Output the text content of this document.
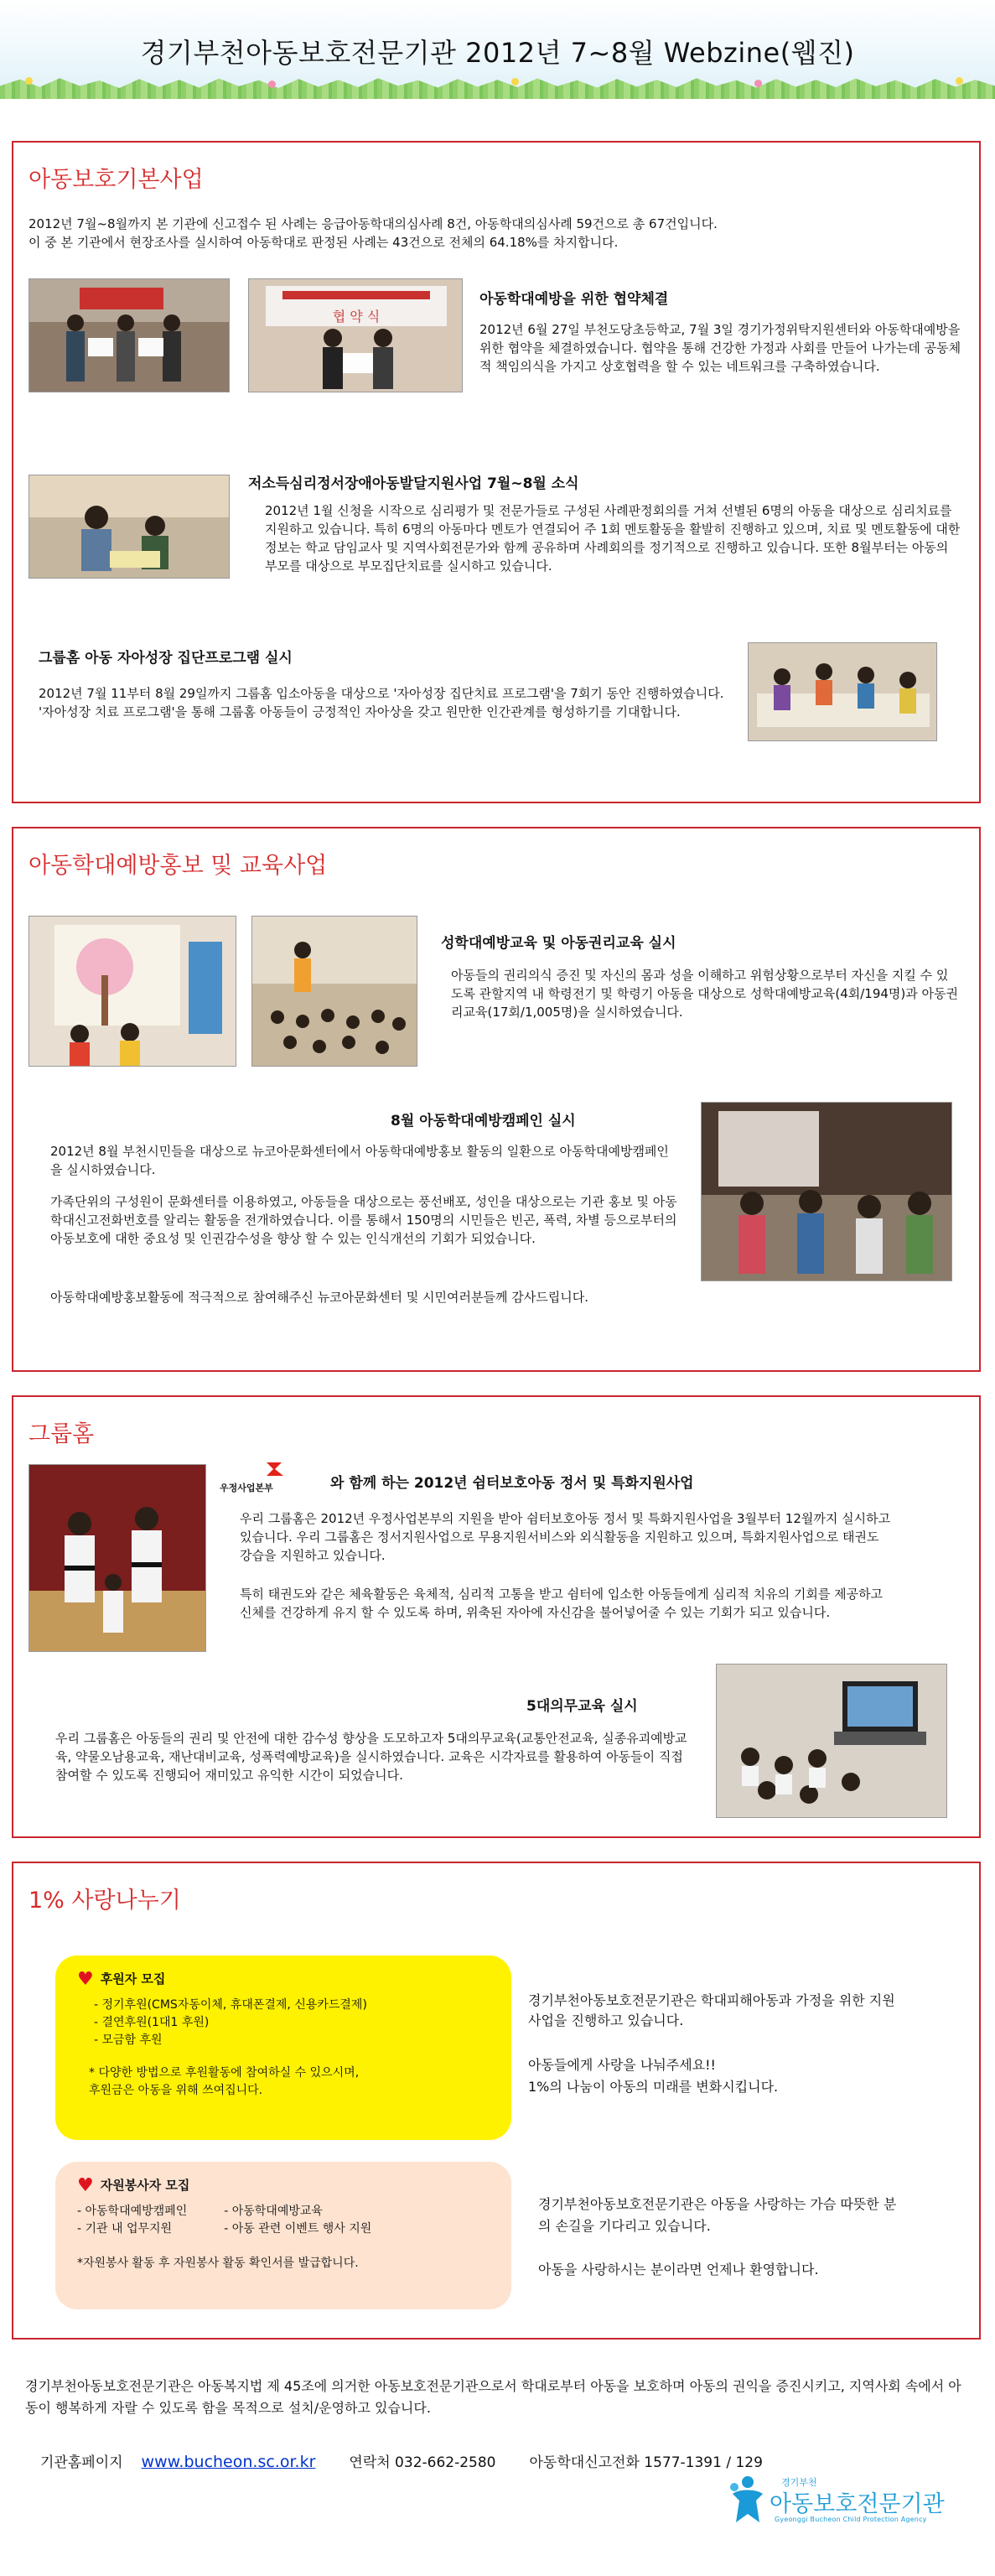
경기부천아동보호전문기관 2012년 7~8월 Webzine(웹진)
아동보호기본사업
2012년 7월~8월까지 본 기관에 신고접수 된 사례는 응급아동학대의심사례 8건, 아동학대의심사례 59건으로 총 67건입니다.
이 중 본 기관에서 현장조사를 실시하여 아동학대로 판정된 사례는 43건으로 전체의 64.18%를 차지합니다.
협 약 식
아동학대예방을 위한 협약체결
2012년 6월 27일 부천도당초등학교, 7월 3일 경기가정위탁지원센터와 아동학대예방을 위한 협약을 체결하였습니다. 협약을 통해 건강한 가정과 사회를 만들어 나가는데 공동체적 책임의식을 가지고 상호협력을 할 수 있는 네트워크를 구축하였습니다.
저소득심리정서장애아동발달지원사업 7월~8월 소식
2012년 1월 신청을 시작으로 심리평가 및 전문가들로 구성된 사례판정회의를 거쳐 선별된 6명의 아동을 대상으로 심리치료를 지원하고 있습니다. 특히 6명의 아동마다 멘토가 연결되어 주 1회 멘토활동을 활발히 진행하고 있으며, 치료 및 멘토활동에 대한 정보는 학교 담임교사 및 지역사회전문가와 함께 공유하며 사례회의를 정기적으로 진행하고 있습니다. 또한 8월부터는 아동의 부모를 대상으로 부모집단치료를 실시하고 있습니다.
그룹홈 아동 자아성장 집단프로그램 실시
2012년 7월 11부터 8월 29일까지 그룹홈 입소아동을 대상으로 '자아성장 집단치료 프로그램'을 7회기 동안 진행하였습니다. '자아성장 치료 프로그램'을 통해 그룹홈 아동들이 긍정적인 자아상을 갖고 원만한 인간관계를 형성하기를 기대합니다.
아동학대예방홍보 및 교육사업
성학대예방교육 및 아동권리교육 실시
아동들의 권리의식 증진 및 자신의 몸과 성을 이해하고 위험상황으로부터 자신을 지킬 수 있도록 관할지역 내 학령전기 및 학령기 아동을 대상으로 성학대예방교육(4회/194명)과 아동권리교육(17회/1,005명)을 실시하였습니다.
8월 아동학대예방캠페인 실시
2012년 8월 부천시민들을 대상으로 뉴코아문화센터에서 아동학대예방홍보 활동의 일환으로 아동학대예방캠페인을 실시하였습니다.
가족단위의 구성원이 문화센터를 이용하였고, 아동들을 대상으로는 풍선배포, 성인을 대상으로는 기관 홍보 및 아동학대신고전화번호를 알리는 활동을 전개하였습니다. 이를 통해서 150명의 시민들은 빈곤, 폭력, 차별 등으로부터의 아동보호에 대한 중요성 및 인권감수성을 향상 할 수 있는 인식개선의 기회가 되었습니다.
아동학대예방홍보활동에 적극적으로 참여해주신 뉴코아문화센터 및 시민여러분들께 감사드립니다.
그룹홈
우정사업본부	와 함께 하는 2012년 쉼터보호아동 정서 및 특화지원사업
우리 그룹홈은 2012년 우정사업본부의 지원을 받아 쉼터보호아동 정서 및 특화지원사업을 3월부터 12월까지 실시하고 있습니다. 우리 그룹홈은 정서지원사업으로 무용지원서비스와 외식활동을 지원하고 있으며, 특화지원사업으로 태권도 강습을 지원하고 있습니다.
특히 태권도와 같은 체육활동은 육체적, 심리적 고통을 받고 쉼터에 입소한 아동들에게 심리적 치유의 기회를 제공하고 신체를 건강하게 유지 할 수 있도록 하며, 위축된 자아에 자신감을 불어넣어줄 수 있는 기회가 되고 있습니다.
5대의무교육 실시
우리 그룹홈은 아동들의 권리 및 안전에 대한 감수성 향상을 도모하고자 5대의무교육(교통안전교육, 실종유괴예방교육, 약물오남용교육, 재난대비교육, 성폭력예방교육)을 실시하였습니다. 교육은 시각자료를 활용하여 아동들이 직접 참여할 수 있도록 진행되어 재미있고 유익한 시간이 되었습니다.
1% 사랑나누기
♥ 후원자 모집
- 정기후원(CMS자동이체, 휴대폰결제, 신용카드결제)
- 결연후원(1대1 후원)
- 모금함 후원
* 다양한 방법으로 후원활동에 참여하실 수 있으시며,
후원금은 아동을 위해 쓰여집니다.
경기부천아동보호전문기관은 학대피해아동과 가정을 위한 지원사업을 진행하고 있습니다.
아동들에게 사랑을 나눠주세요!!
1%의 나눔이 아동의 미래를 변화시킵니다.
♥ 자원봉사자 모집
- 아동학대예방캠페인
- 기관 내 업무지원
- 아동학대예방교육
- 아동 관련 이벤트 행사 지원
*자원봉사 활동 후 자원봉사 활동 확인서를 발급합니다.
경기부천아동보호전문기관은 아동을 사랑하는 가슴 따뜻한 분의 손길을 기다리고 있습니다.
아동을 사랑하시는 분이라면 언제나 환영합니다.
경기부천아동보호전문기관은 아동복지법 제 45조에 의거한 아동보호전문기관으로서 학대로부터 아동을 보호하며 아동의 권익을 증진시키고, 지역사회 속에서 아동이 행복하게 자랄 수 있도록 함을 목적으로 설치/운영하고 있습니다.
기관홈페이지 www.bucheon.sc.or.kr 연락처 032-662-2580 아동학대신고전화 1577-1391 / 129
경기부천
아동보호전문기관
Gyeonggi Bucheon Child Protection Agency
